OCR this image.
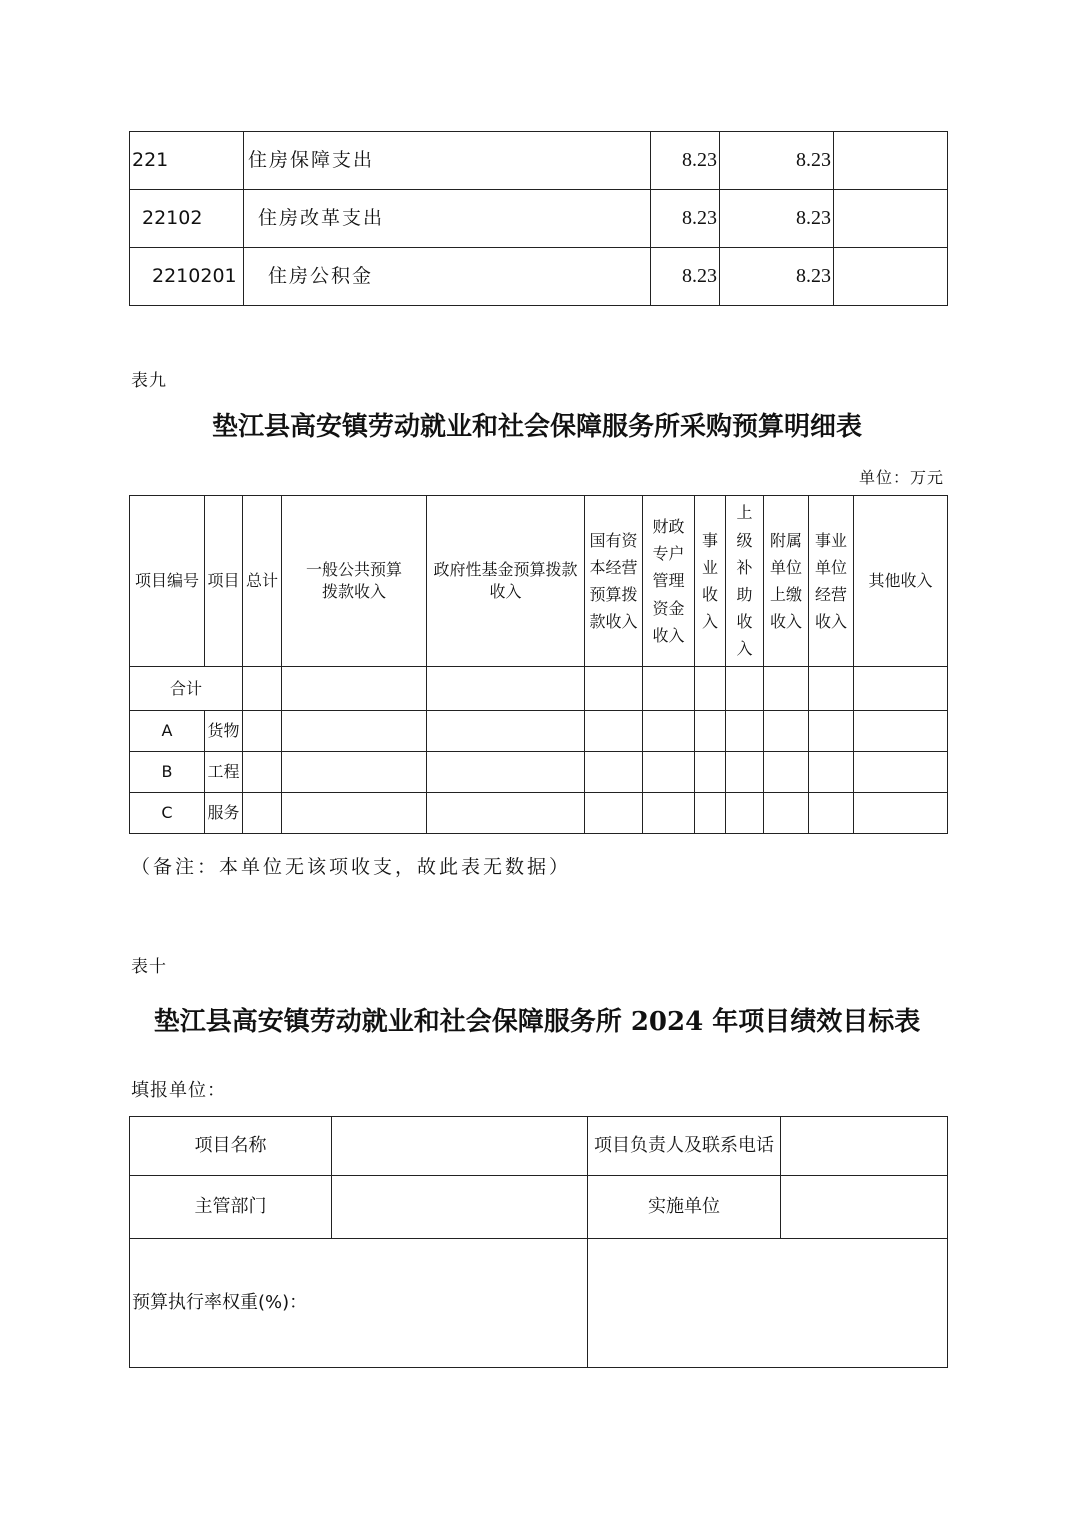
221	住房保障支出	8.23	8.23	
22102	住房改革支出	8.23	8.23	
2210201	住房公积金	8.23	8.23	
表九
垫江县高安镇劳动就业和社会保障服务所采购预算明细表
单位：万元
项目编号	项目	总计	一般公共预算拨款收入	政府性基金预算拨款收入	国有资本经营预算拨款收入	财政专户管理资金收入	事业收入	上级补助收入	附属单位上缴收入	事业单位经营收入	其他收入
合计											
A	货物										
B	工程										
C	服务										
（备注：本单位无该项收支，故此表无数据）
表十
垫江县高安镇劳动就业和社会保障服务所 2024 年项目绩效目标表
填报单位：
项目名称		项目负责人及联系电话	
主管部门		实施单位	
预算执行率权重(%)：			
